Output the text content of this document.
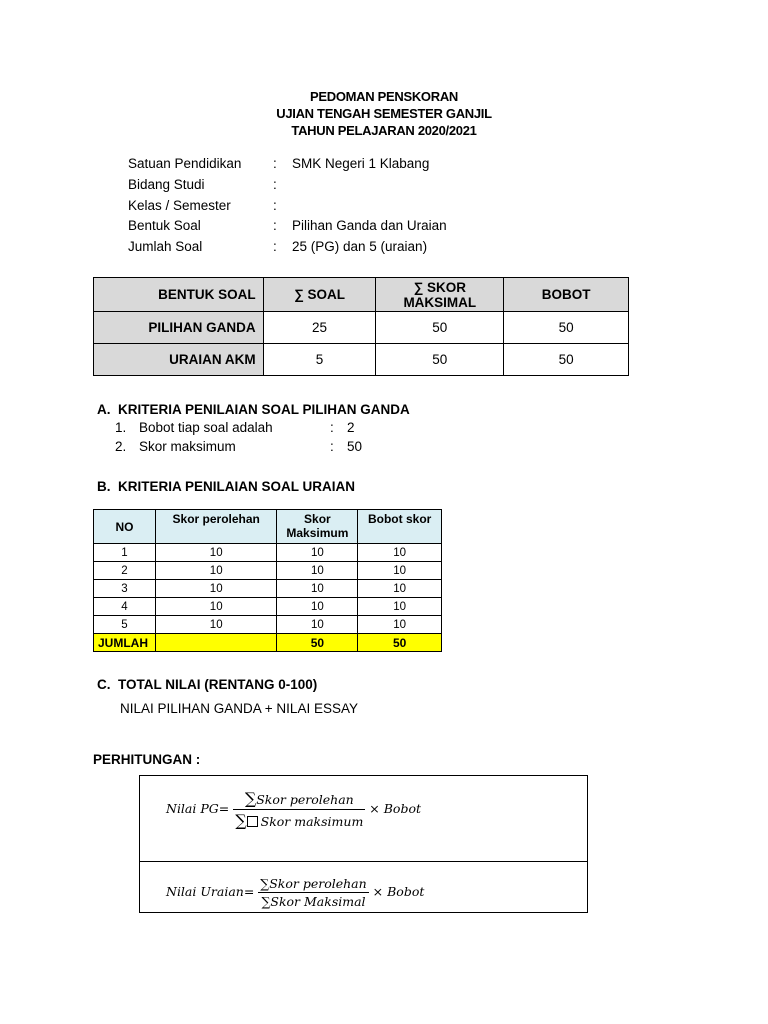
PEDOMAN PENSKORAN
UJIAN TENGAH SEMESTER GANJIL
TAHUN PELAJARAN 2020/2021
Satuan Pendidikan : SMK Negeri 1 Klabang
Bidang Studi	:
Kelas / Semester	:
Bentuk Soal	: Pilihan Ganda dan Uraian
Jumlah Soal	: 25 (PG) dan 5 (uraian)
BENTUK SOAL	∑ SOAL	∑ SKOR MAKSIMAL	BOBOT
PILIHAN GANDA	25	50	50
URAIAN AKM	5	50	50
A.  KRITERIA PENILAIAN SOAL PILIHAN GANDA
1. Bobot tiap soal adalah	: 2
2. Skor maksimum	: 50
B.  KRITERIA PENILAIAN SOAL URAIAN
NO	Skor perolehan	Skor Maksimum	Bobot skor
1	10	10	10
2	10	10	10
3	10	10	10
4	10	10	10
5	10	10	10
JUMLAH		50	50
C.  TOTAL NILAI (RENTANG 0-100)
NILAI PILIHAN GANDA + NILAI ESSAY
PERHITUNGAN :
Nilai $PG= \frac{\text{∑Skor perolehan}}{\text{∑ Skor maksimum}}$ × Bobot
Nilai Uraian= $\frac{\text{∑Skor perolehan}}{\text{∑Skor Maksimal}}$ × Bobot
